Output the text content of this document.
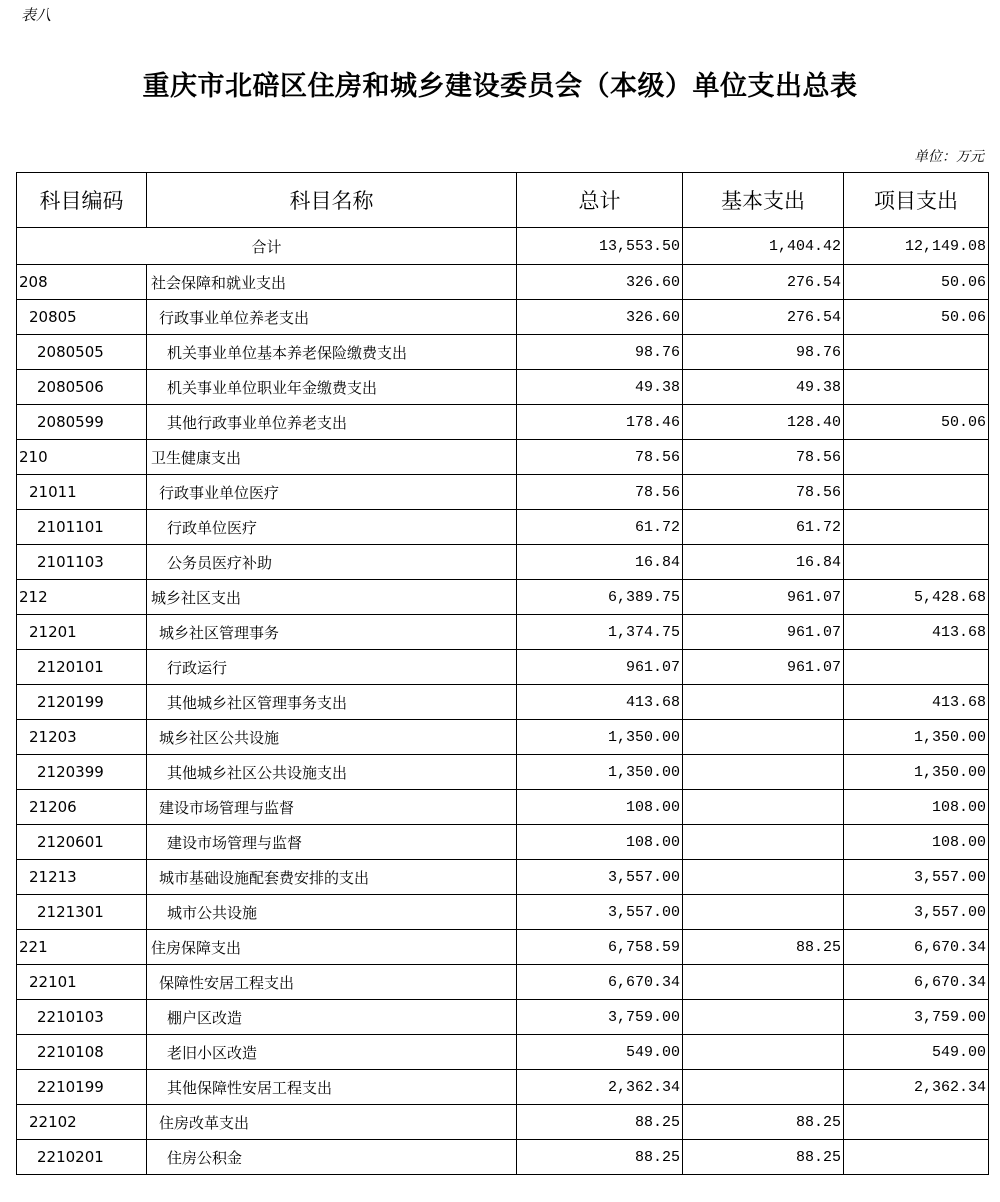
表八
重庆市北碚区住房和城乡建设委员会（本级）单位支出总表
单位：万元
科目编码	科目名称	总计	基本支出	项目支出
合计		13,553.50	1,404.42	12,149.08
208	社会保障和就业支出	326.60	276.54	50.06
20805	行政事业单位养老支出	326.60	276.54	50.06
2080505	机关事业单位基本养老保险缴费支出	98.76	98.76	
2080506	机关事业单位职业年金缴费支出	49.38	49.38	
2080599	其他行政事业单位养老支出	178.46	128.40	50.06
210	卫生健康支出	78.56	78.56	
21011	行政事业单位医疗	78.56	78.56	
2101101	行政单位医疗	61.72	61.72	
2101103	公务员医疗补助	16.84	16.84	
212	城乡社区支出	6,389.75	961.07	5,428.68
21201	城乡社区管理事务	1,374.75	961.07	413.68
2120101	行政运行	961.07	961.07	
2120199	其他城乡社区管理事务支出	413.68		413.68
21203	城乡社区公共设施	1,350.00		1,350.00
2120399	其他城乡社区公共设施支出	1,350.00		1,350.00
21206	建设市场管理与监督	108.00		108.00
2120601	建设市场管理与监督	108.00		108.00
21213	城市基础设施配套费安排的支出	3,557.00		3,557.00
2121301	城市公共设施	3,557.00		3,557.00
221	住房保障支出	6,758.59	88.25	6,670.34
22101	保障性安居工程支出	6,670.34		6,670.34
2210103	棚户区改造	3,759.00		3,759.00
2210108	老旧小区改造	549.00		549.00
2210199	其他保障性安居工程支出	2,362.34		2,362.34
22102	住房改革支出	88.25	88.25	
2210201	住房公积金	88.25	88.25	
